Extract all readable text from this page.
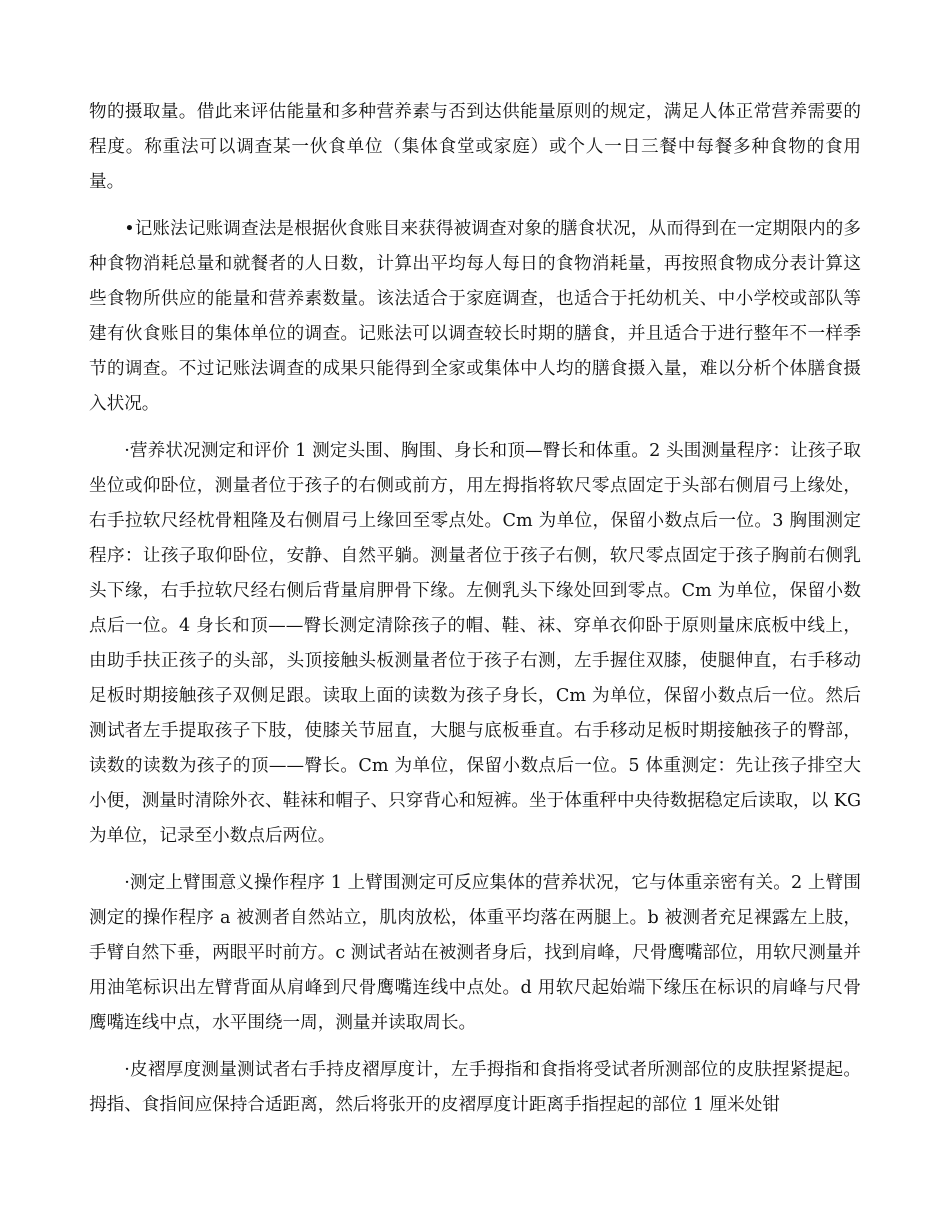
物的摄取量。借此来评估能量和多种营养素与否到达供能量原则的规定，满足人体正常营养需要的程度。称重法可以调查某一伙食单位（集体食堂或家庭）或个人一日三餐中每餐多种食物的食用量。

•记账法记账调查法是根据伙食账目来获得被调查对象的膳食状况，从而得到在一定期限内的多种食物消耗总量和就餐者的人日数，计算出平均每人每日的食物消耗量，再按照食物成分表计算这些食物所供应的能量和营养素数量。该法适合于家庭调查，也适合于托幼机关、中小学校或部队等建有伙食账目的集体单位的调查。记账法可以调查较长时期的膳食，并且适合于进行整年不一样季节的调查。不过记账法调查的成果只能得到全家或集体中人均的膳食摄入量，难以分析个体膳食摄入状况。

·营养状况测定和评价 1 测定头围、胸围、身长和顶—臀长和体重。2 头围测量程序：让孩子取坐位或仰卧位，测量者位于孩子的右侧或前方，用左拇指将软尺零点固定于头部右侧眉弓上缘处，右手拉软尺经枕骨粗隆及右侧眉弓上缘回至零点处。Cm 为单位，保留小数点后一位。3 胸围测定程序：让孩子取仰卧位，安静、自然平躺。测量者位于孩子右侧，软尺零点固定于孩子胸前右侧乳头下缘，右手拉软尺经右侧后背量肩胛骨下缘。左侧乳头下缘处回到零点。Cm 为单位，保留小数点后一位。4 身长和顶——臀长测定清除孩子的帽、鞋、袜、穿单衣仰卧于原则量床底板中线上，由助手扶正孩子的头部，头顶接触头板测量者位于孩子右测，左手握住双膝，使腿伸直，右手移动足板时期接触孩子双侧足跟。读取上面的读数为孩子身长，Cm 为单位，保留小数点后一位。然后测试者左手提取孩子下肢，使膝关节屈直，大腿与底板垂直。右手移动足板时期接触孩子的臀部，读数的读数为孩子的顶——臀长。Cm 为单位，保留小数点后一位。5 体重测定：先让孩子排空大小便，测量时清除外衣、鞋袜和帽子、只穿背心和短裤。坐于体重秤中央待数据稳定后读取，以 KG 为单位，记录至小数点后两位。

·测定上臂围意义操作程序 1 上臂围测定可反应集体的营养状况，它与体重亲密有关。2 上臂围测定的操作程序 a 被测者自然站立，肌肉放松，体重平均落在两腿上。b 被测者充足裸露左上肢，手臂自然下垂，两眼平时前方。c 测试者站在被测者身后，找到肩峰，尺骨鹰嘴部位，用软尺测量并用油笔标识出左臂背面从肩峰到尺骨鹰嘴连线中点处。d 用软尺起始端下缘压在标识的肩峰与尺骨鹰嘴连线中点，水平围绕一周，测量并读取周长。

·皮褶厚度测量测试者右手持皮褶厚度计，左手拇指和食指将受试者所测部位的皮肤捏紧提起。拇指、食指间应保持合适距离，然后将张开的皮褶厚度计距离手指捏起的部位 1 厘米处钳
